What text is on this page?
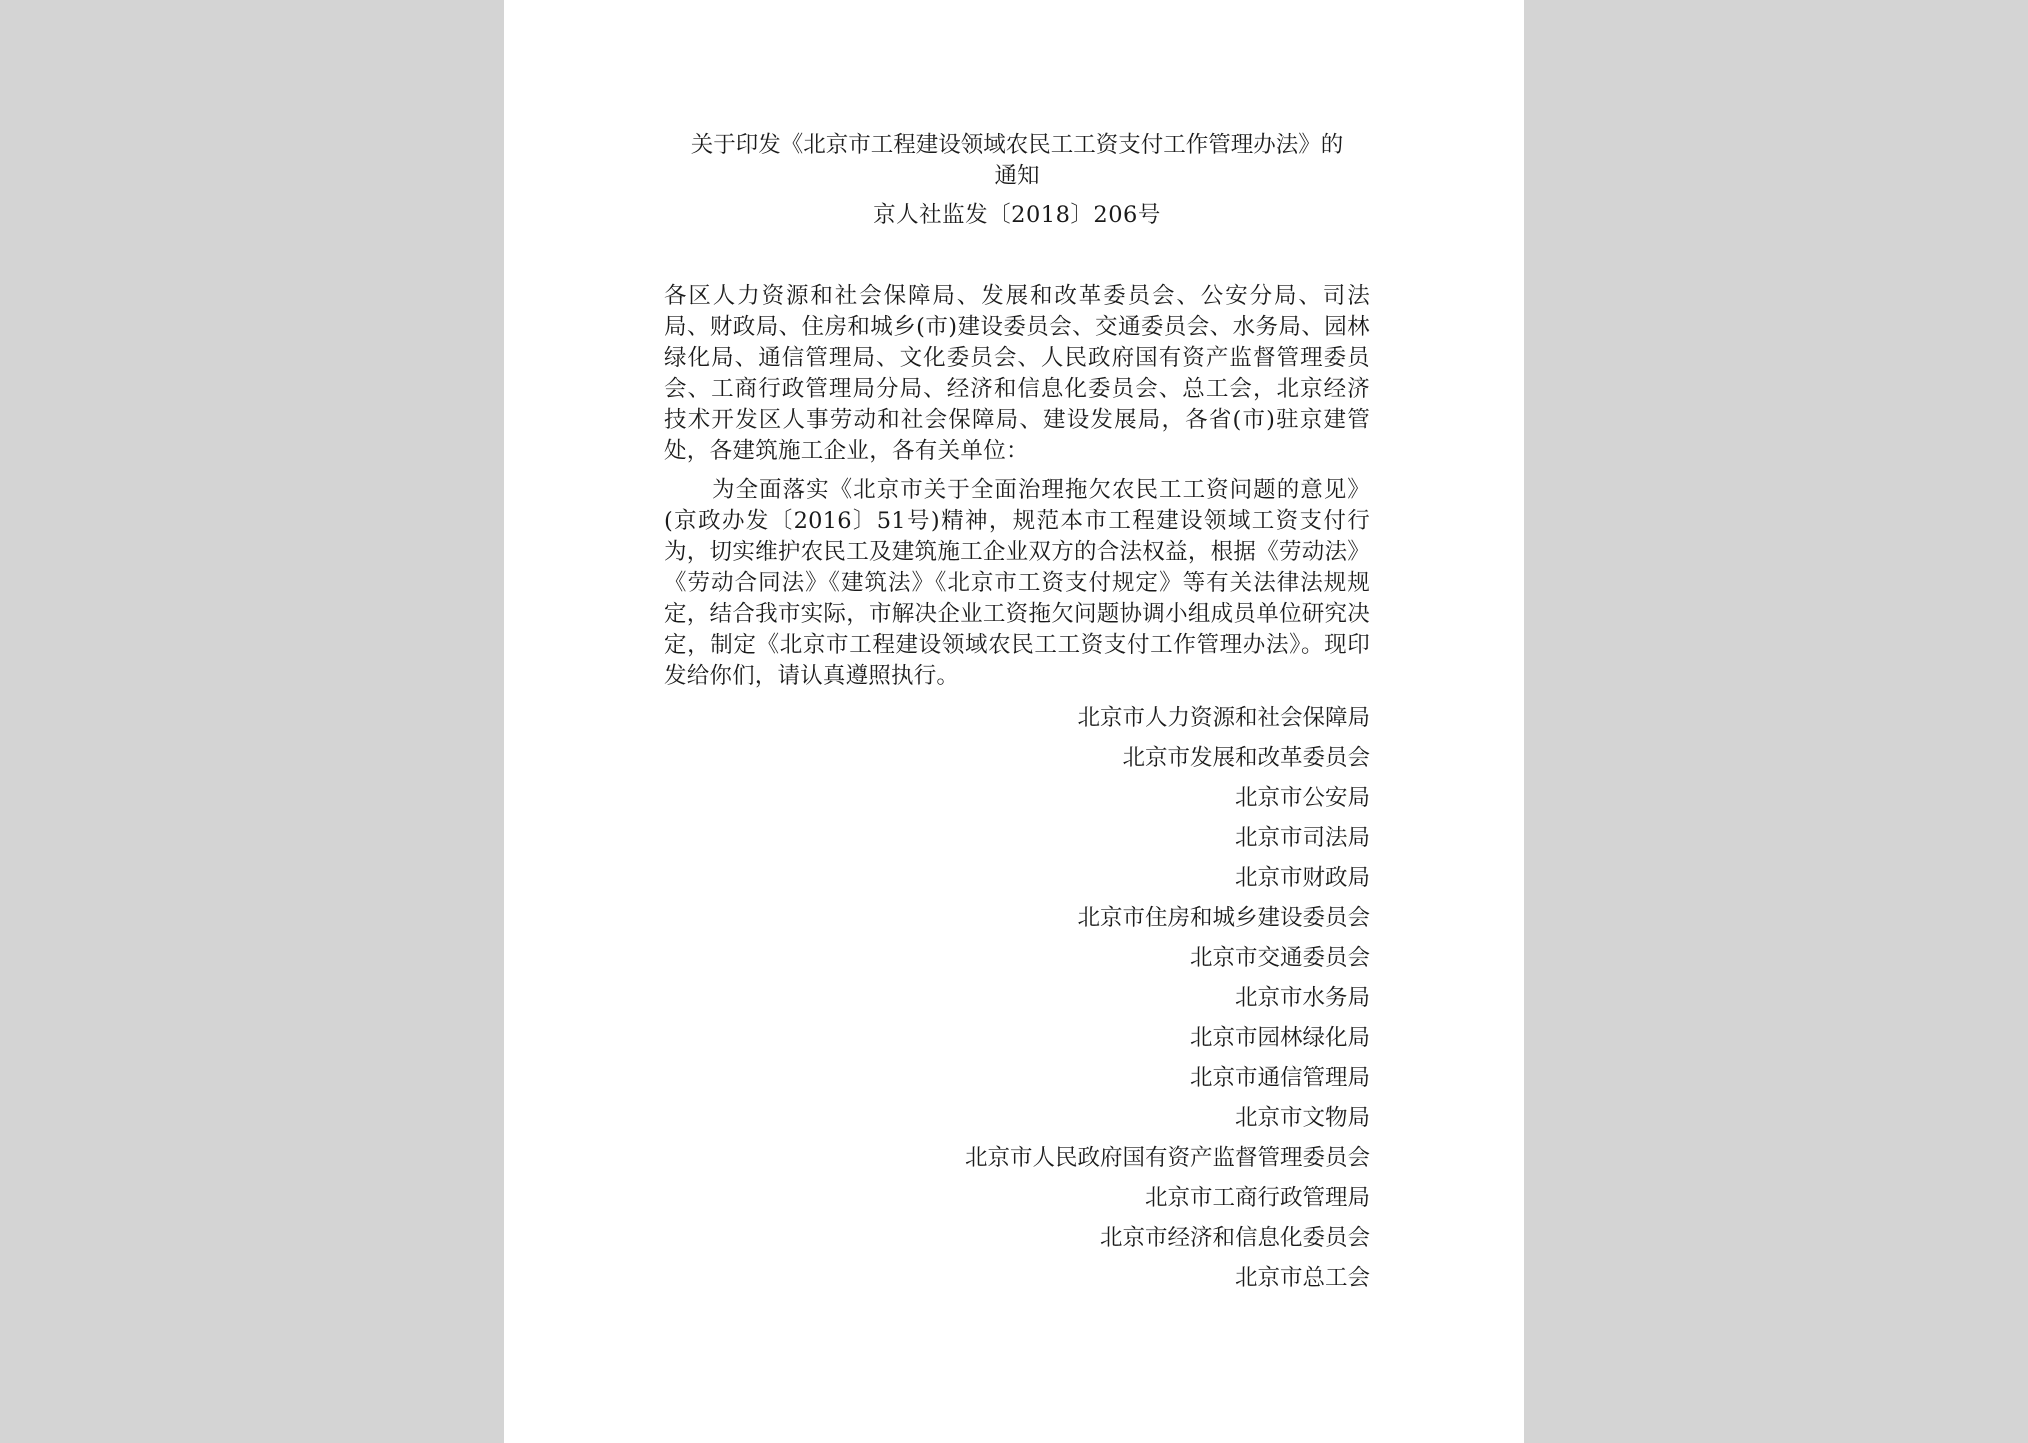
关于印发《北京市工程建设领域农民工工资支付工作管理办法》的
通知
京人社监发〔2018〕206号
各区人力资源和社会保障局、发展和改革委员会、公安分局、司法局、财政局、住房和城乡(市)建设委员会、交通委员会、水务局、园林绿化局、通信管理局、文化委员会、人民政府国有资产监督管理委员会、工商行政管理局分局、经济和信息化委员会、总工会，北京经济技术开发区人事劳动和社会保障局、建设发展局，各省(市)驻京建管处，各建筑施工企业，各有关单位：
为全面落实《北京市关于全面治理拖欠农民工工资问题的意见》(京政办发〔2016〕51号)精神，规范本市工程建设领域工资支付行为，切实维护农民工及建筑施工企业双方的合法权益，根据《劳动法》《劳动合同法》《建筑法》《北京市工资支付规定》等有关法律法规规定，结合我市实际，市解决企业工资拖欠问题协调小组成员单位研究决定，制定《北京市工程建设领域农民工工资支付工作管理办法》。现印发给你们，请认真遵照执行。
北京市人力资源和社会保障局
北京市发展和改革委员会
北京市公安局
北京市司法局
北京市财政局
北京市住房和城乡建设委员会
北京市交通委员会
北京市水务局
北京市园林绿化局
北京市通信管理局
北京市文物局
北京市人民政府国有资产监督管理委员会
北京市工商行政管理局
北京市经济和信息化委员会
北京市总工会
